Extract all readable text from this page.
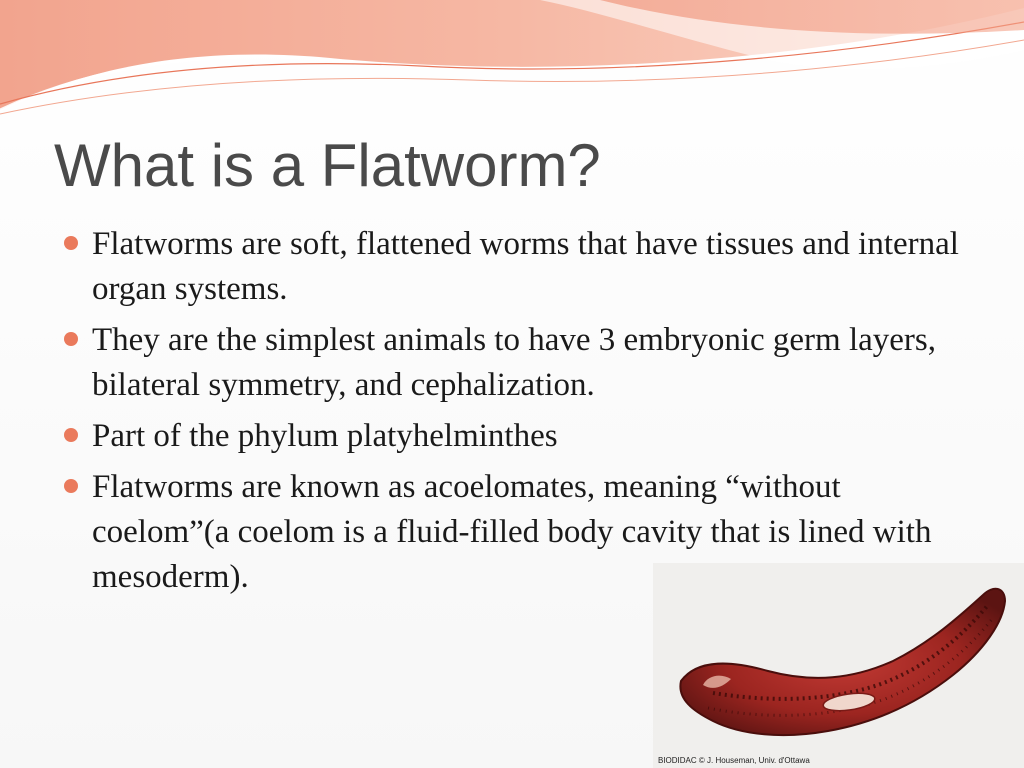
What is a Flatworm?
Flatworms are soft, flattened worms that have tissues and internal organ systems.
They are the simplest animals to have 3 embryonic germ layers, bilateral symmetry, and cephalization.
Part of the phylum platyhelminthes
Flatworms are known as acoelomates, meaning “without coelom”(a coelom is a fluid-filled body cavity that is lined with mesoderm).
BIODIDAC © J. Houseman, Univ. d'Ottawa
